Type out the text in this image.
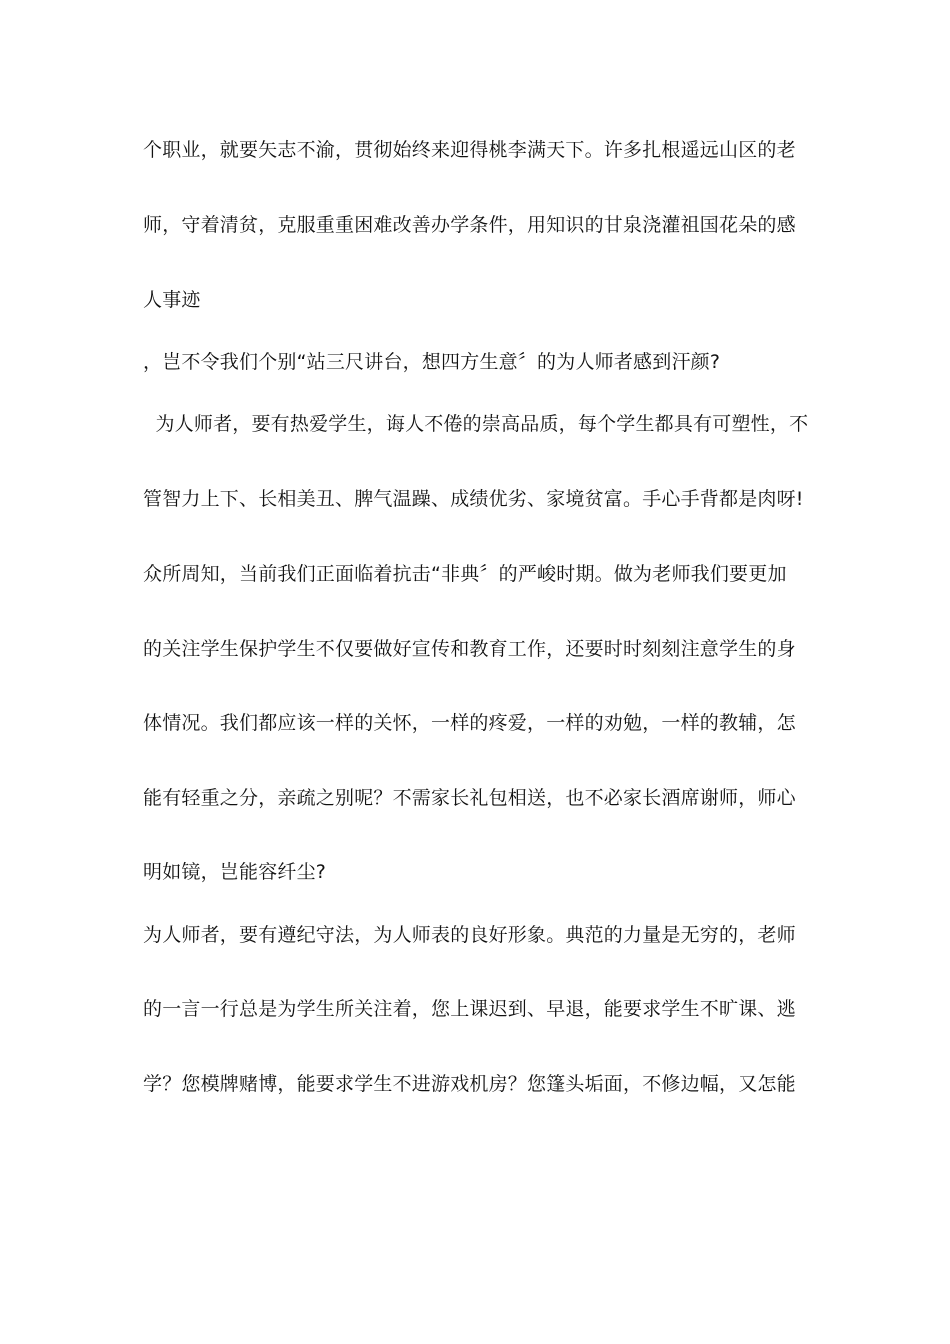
个职业，就要矢志不渝，贯彻始终来迎得桃李满天下。许多扎根遥远山区的老
师，守着清贫，克服重重困难改善办学条件，用知识的甘泉浇灌祖国花朵的感
人事迹
，岂不令我们个别“站三尺讲台，想四方生意〞的为人师者感到汗颜?
为人师者，要有热爱学生，诲人不倦的崇高品质，每个学生都具有可塑性，不
管智力上下、长相美丑、脾气温躁、成绩优劣、家境贫富。手心手背都是肉呀!
众所周知，当前我们正面临着抗击“非典〞的严峻时期。做为老师我们要更加
的关注学生保护学生不仅要做好宣传和教育工作，还要时时刻刻注意学生的身
体情况。我们都应该一样的关怀，一样的疼爱，一样的劝勉，一样的教辅，怎
能有轻重之分，亲疏之别呢？不需家长礼包相送，也不必家长酒席谢师，师心
明如镜，岂能容纤尘?
为人师者，要有遵纪守法，为人师表的良好形象。典范的力量是无穷的，老师
的一言一行总是为学生所关注着，您上课迟到、早退，能要求学生不旷课、逃
学？您模牌赌博，能要求学生不进游戏机房？您篷头垢面，不修边幅，又怎能
